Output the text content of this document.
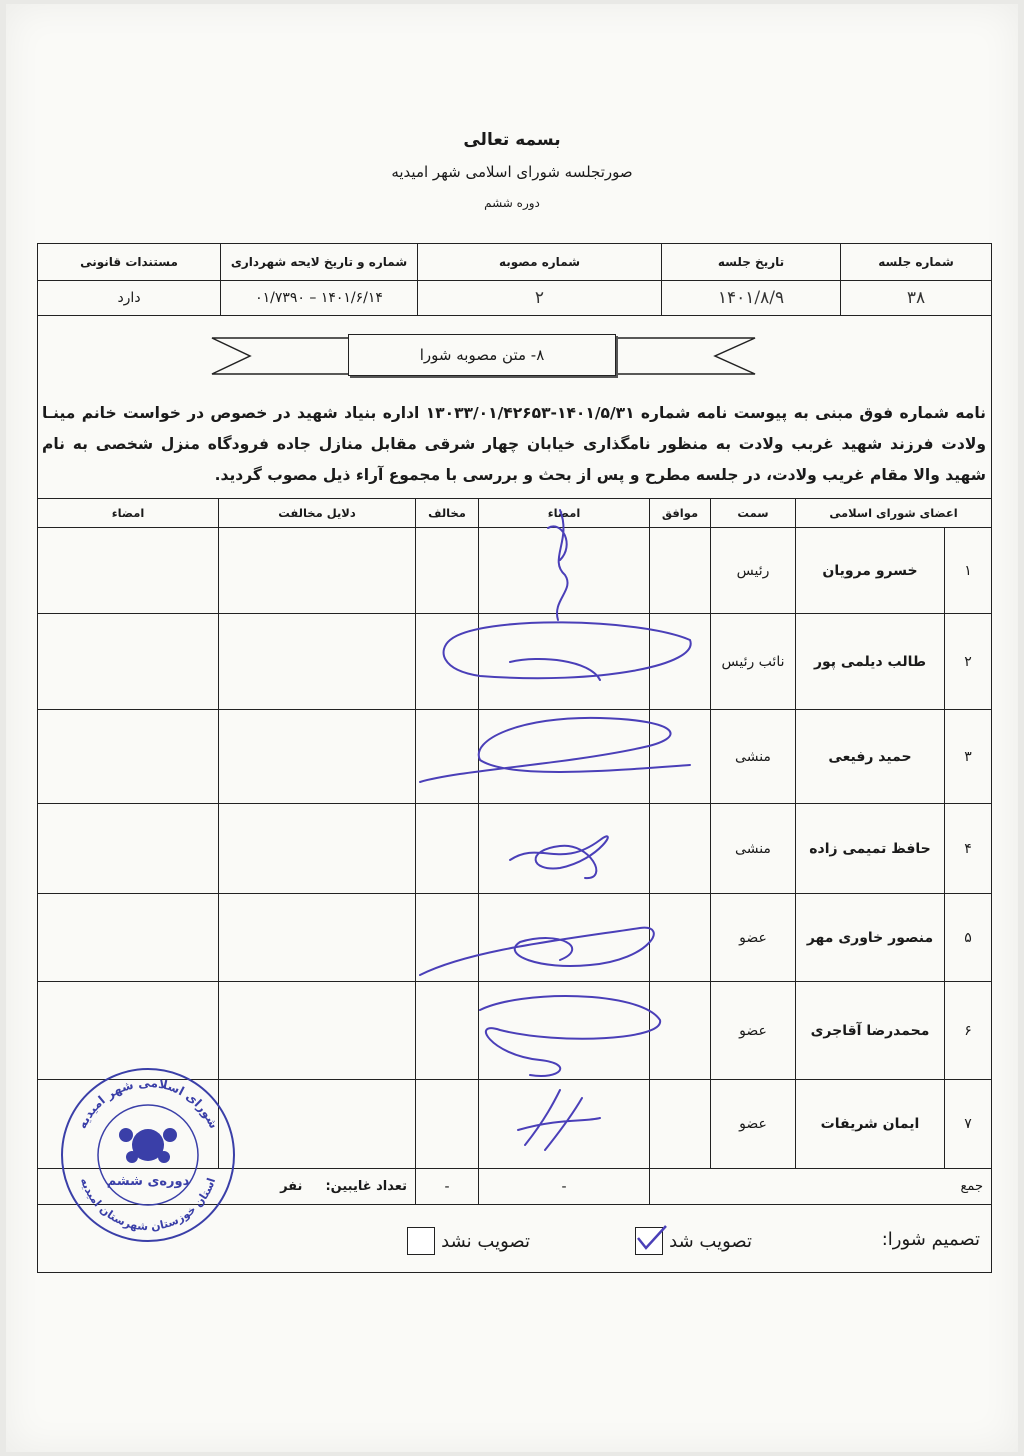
بسمه تعالی
صورتجلسه شورای اسلامی شهر امیدیه
دوره ششم
شماره جلسه	تاریخ جلسه	شماره مصوبه	شماره و تاریخ لایحه شهرداری	مستندات قانونی
۳۸	۱۴۰۱/۸/۹	۲	۱۴۰۱/۶/۱۴ – ۰۱/۷۳۹۰	دارد
۸- متن مصوبه شورا
نامه شماره فوق مبنی به پیوست نامه شماره ۱۴۰۱/۵/۳۱-۱۳۰۳۳/۰۱/۴۲۶۵۳ اداره بنیاد شهید در خصوص در خواست خانم مینـا ولادت فرزند شهید غربب ولادت به منظور نامگذاری خیابان چهار شرقی مقابل منازل جاده فرودگاه منزل شخصی به نام شهید والا مقام غریب ولادت، در جلسه مطرح و پس از بحث و بررسی با مجموع آراء ذیل مصوب گردید.
اعضای شورای اسلامی		سمت	موافق	امضاء	مخالف	دلایل مخالفت	امضاء
۱	خسرو مرویان	رئیس					
۲	طالب دیلمی پور	نائب رئیس					
۳	حمید رفیعی	منشی					
۴	حافظ تمیمی زاده	منشی					
۵	منصور خاوری مهر	عضو					
۶	محمدرضا آقاجری	عضو					
۷	ایمان شریفات	عضو					
جمع				-	-	تعداد غایبین:  نفر	
تصمیم شورا:
تصویب شد
تصویب نشد
شورای اسلامی شهر امیدیه
استان خوزستان شهرستان امیدیه
دوره‌ی ششم
